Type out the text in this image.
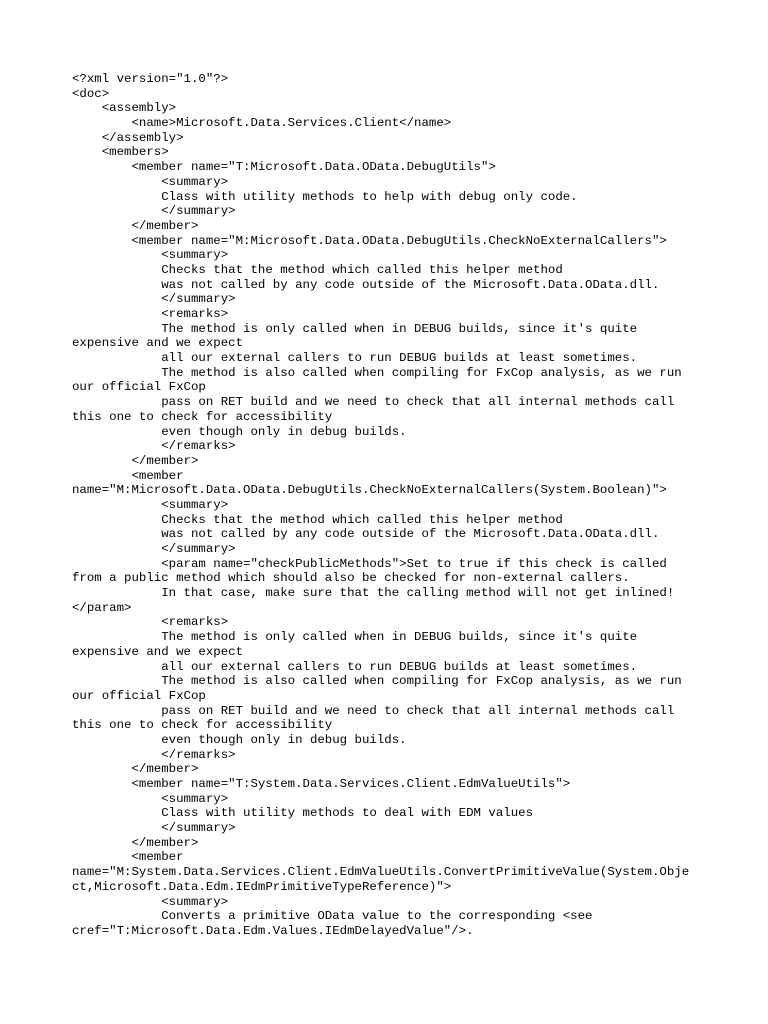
<?xml version="1.0"?>
<doc>
<assembly>
<name>Microsoft.Data.Services.Client</name>
</assembly>
<members>
<member name="T:Microsoft.Data.OData.DebugUtils">
<summary>
Class with utility methods to help with debug only code.
</summary>
</member>
<member name="M:Microsoft.Data.OData.DebugUtils.CheckNoExternalCallers">
<summary>
Checks that the method which called this helper method
was not called by any code outside of the Microsoft.Data.OData.dll.
</summary>
<remarks>
The method is only called when in DEBUG builds, since it's quite
expensive and we expect
all our external callers to run DEBUG builds at least sometimes.
The method is also called when compiling for FxCop analysis, as we run
our official FxCop
pass on RET build and we need to check that all internal methods call
this one to check for accessibility
even though only in debug builds.
</remarks>
</member>
<member
name="M:Microsoft.Data.OData.DebugUtils.CheckNoExternalCallers(System.Boolean)">
<summary>
Checks that the method which called this helper method
was not called by any code outside of the Microsoft.Data.OData.dll.
</summary>
<param name="checkPublicMethods">Set to true if this check is called
from a public method which should also be checked for non-external callers.
In that case, make sure that the calling method will not get inlined!
</param>
<remarks>
The method is only called when in DEBUG builds, since it's quite
expensive and we expect
all our external callers to run DEBUG builds at least sometimes.
The method is also called when compiling for FxCop analysis, as we run
our official FxCop
pass on RET build and we need to check that all internal methods call
this one to check for accessibility
even though only in debug builds.
</remarks>
</member>
<member name="T:System.Data.Services.Client.EdmValueUtils">
<summary>
Class with utility methods to deal with EDM values
</summary>
</member>
<member
name="M:System.Data.Services.Client.EdmValueUtils.ConvertPrimitiveValue(System.Obje
ct,Microsoft.Data.Edm.IEdmPrimitiveTypeReference)">
<summary>
Converts a primitive OData value to the corresponding <see
cref="T:Microsoft.Data.Edm.Values.IEdmDelayedValue"/>.
